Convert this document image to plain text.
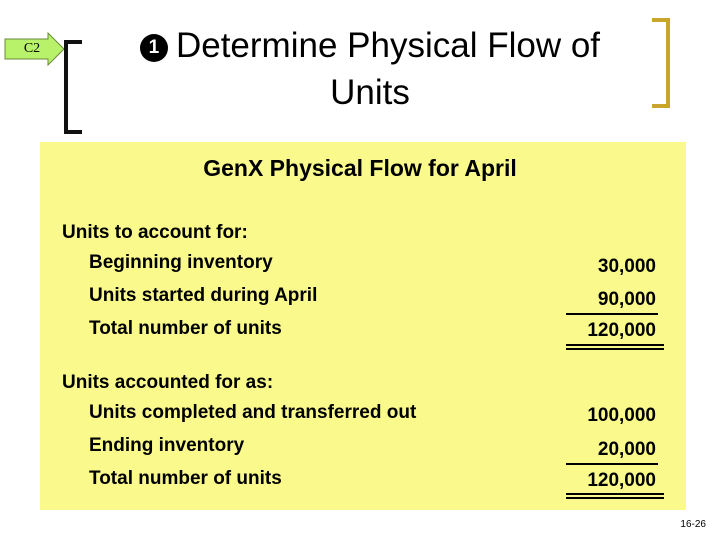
C2	1 Determine Physical Flow of
Units
GenX Physical Flow for April
Units to account for:
Beginning inventory	30,000
Units started during April	90,000
Total number of units	120,000
Units accounted for as:
Units completed and transferred out	100,000
Ending inventory	20,000
Total number of units	120,000
16-26
